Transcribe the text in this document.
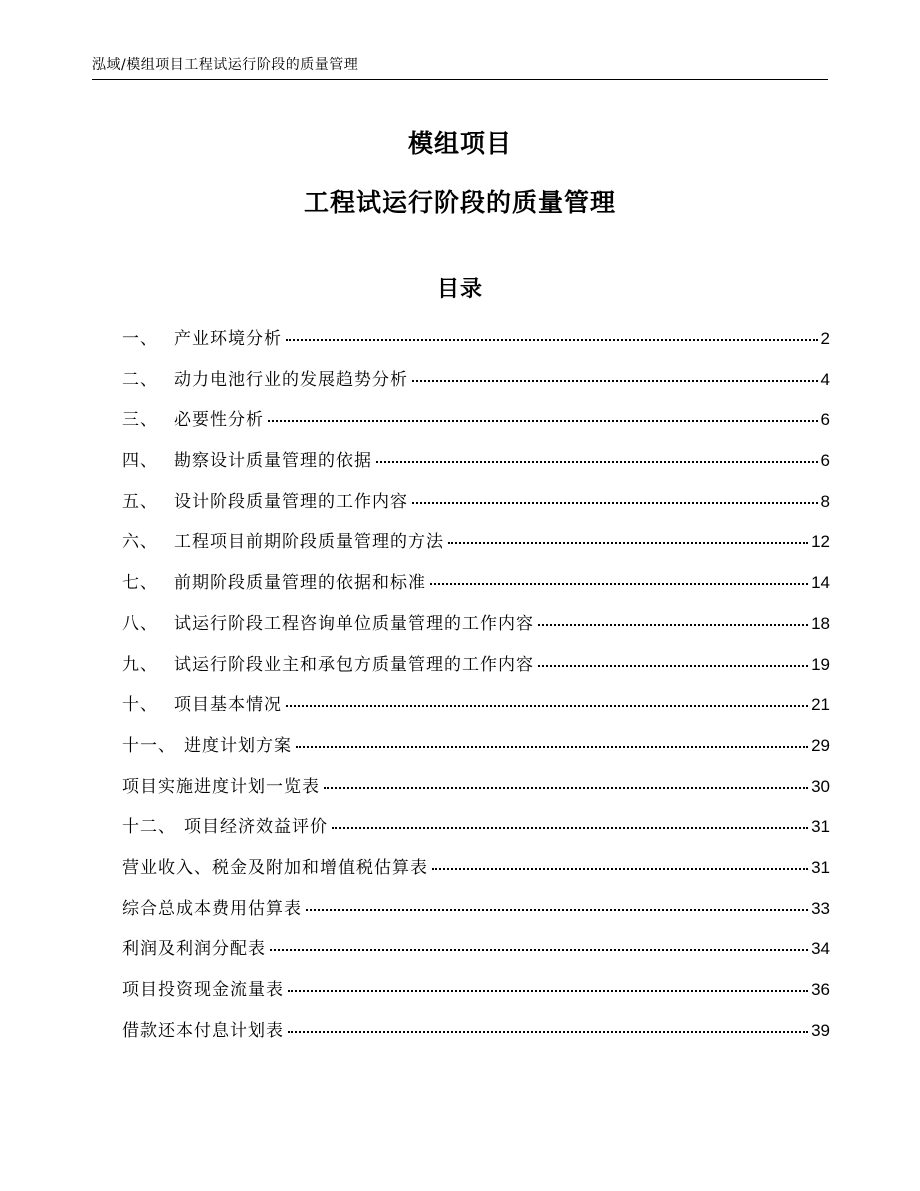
泓域/模组项目工程试运行阶段的质量管理
模组项目
工程试运行阶段的质量管理
目录
一、 产业环境分析	2
二、 动力电池行业的发展趋势分析	4
三、 必要性分析	6
四、 勘察设计质量管理的依据	6
五、 设计阶段质量管理的工作内容	8
六、 工程项目前期阶段质量管理的方法	12
七、 前期阶段质量管理的依据和标准	14
八、 试运行阶段工程咨询单位质量管理的工作内容	18
九、 试运行阶段业主和承包方质量管理的工作内容	19
十、 项目基本情况	21
十一、 进度计划方案	29
项目实施进度计划一览表	30
十二、 项目经济效益评价	31
营业收入、税金及附加和增值税估算表	31
综合总成本费用估算表	33
利润及利润分配表	34
项目投资现金流量表	36
借款还本付息计划表	39
